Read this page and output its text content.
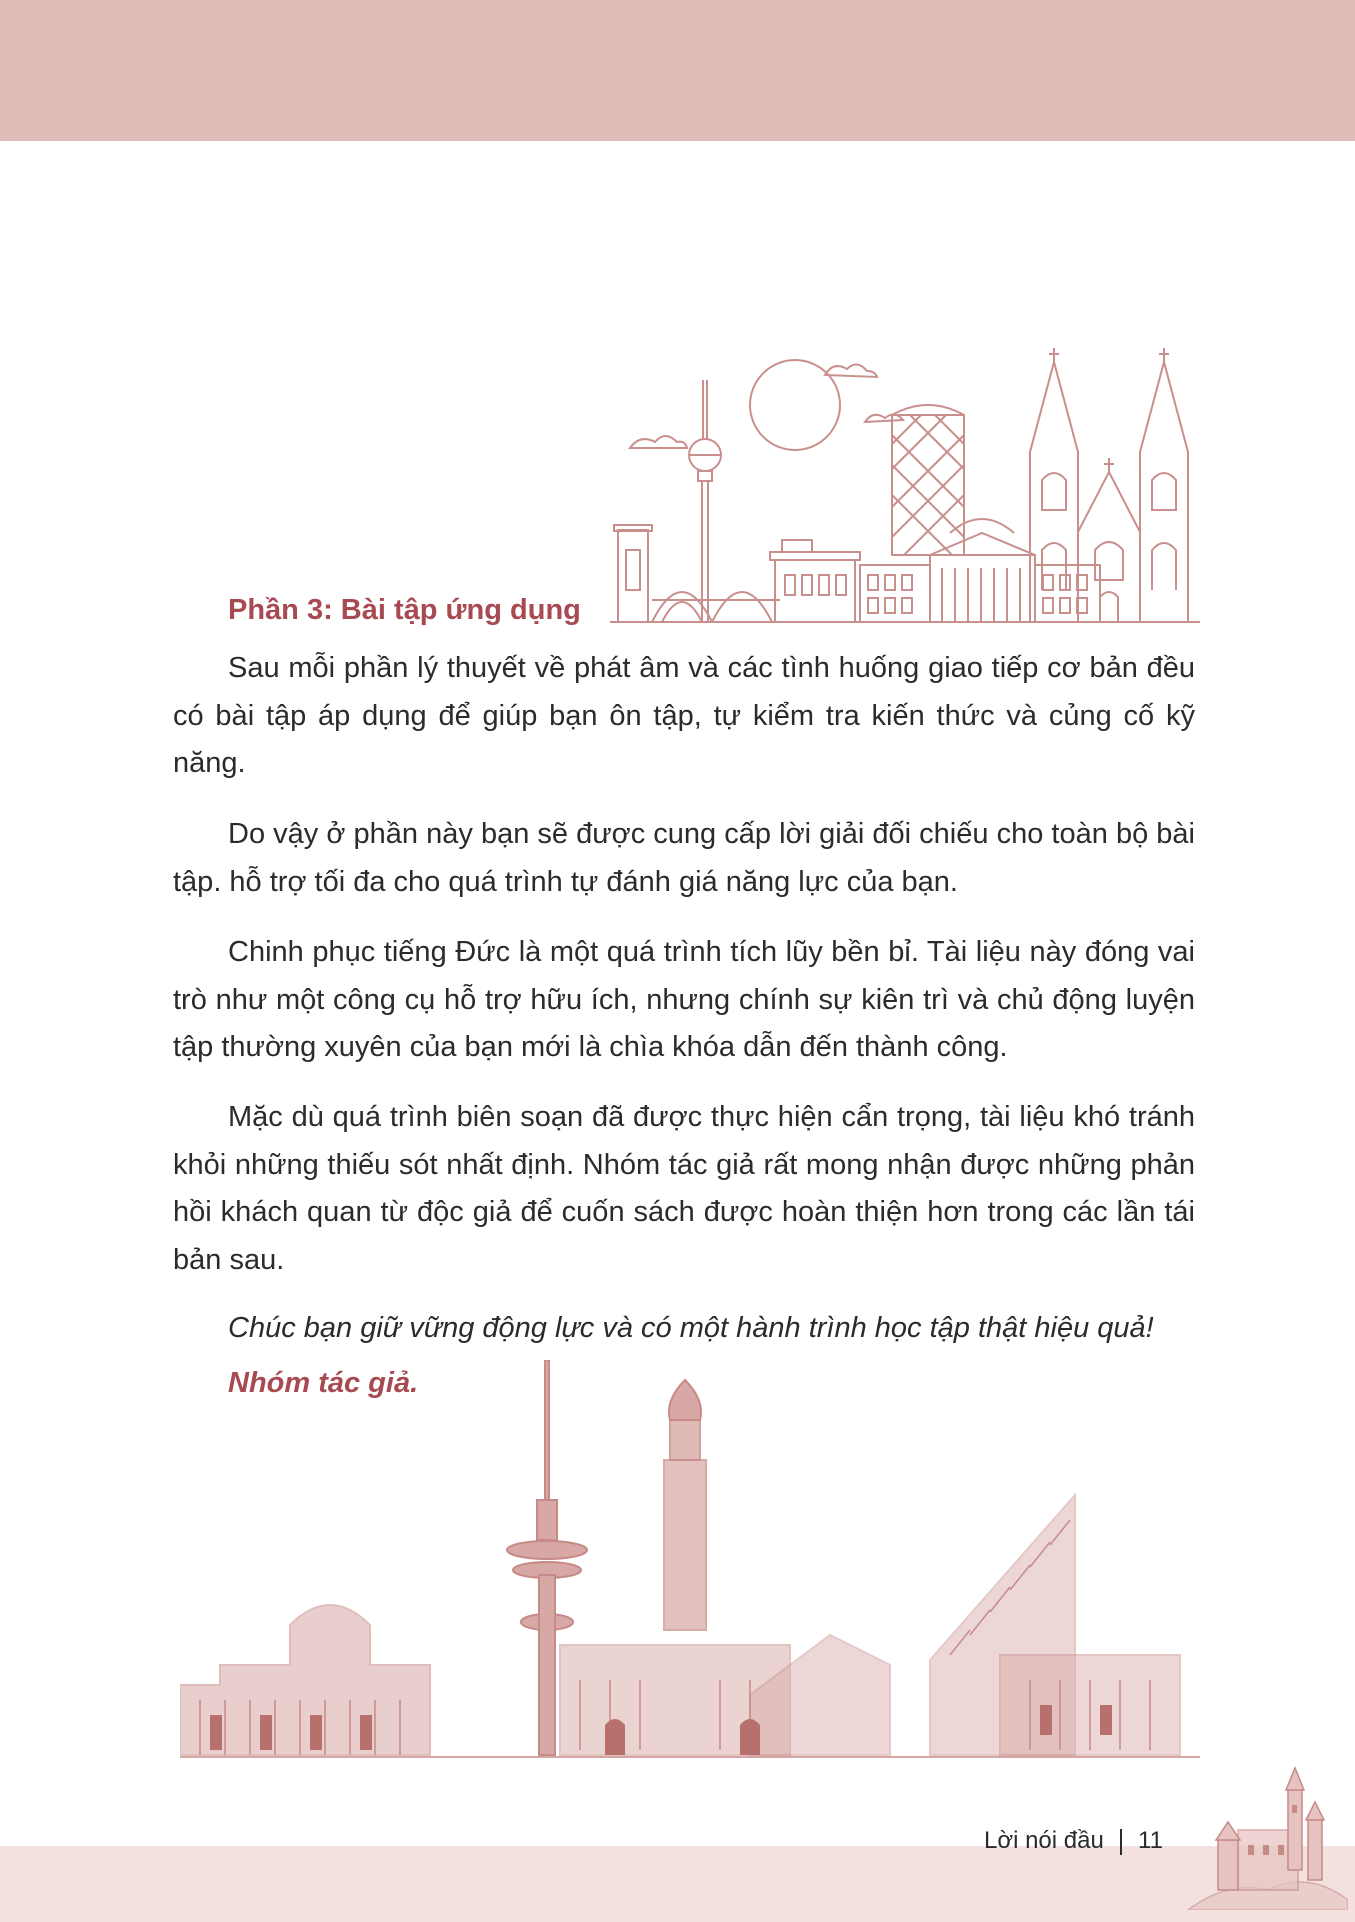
Phần 3: Bài tập ứng dụng

Sau mỗi phần lý thuyết về phát âm và các tình huống giao tiếp cơ bản đều có bài tập áp dụng để giúp bạn ôn tập, tự kiểm tra kiến thức và củng cố kỹ năng.

Do vậy ở phần này bạn sẽ được cung cấp lời giải đối chiếu cho toàn bộ bài tập. hỗ trợ tối đa cho quá trình tự đánh giá năng lực của bạn.

Chinh phục tiếng Đức là một quá trình tích lũy bền bỉ. Tài liệu này đóng vai trò như một công cụ hỗ trợ hữu ích, nhưng chính sự kiên trì và chủ động luyện tập thường xuyên của bạn mới là chìa khóa dẫn đến thành công.

Mặc dù quá trình biên soạn đã được thực hiện cẩn trọng, tài liệu khó tránh khỏi những thiếu sót nhất định. Nhóm tác giả rất mong nhận được những phản hồi khách quan từ độc giả để cuốn sách được hoàn thiện hơn trong các lần tái bản sau.

Chúc bạn giữ vững động lực và có một hành trình học tập thật hiệu quả!

Nhóm tác giả.

Lời nói đầu 11
